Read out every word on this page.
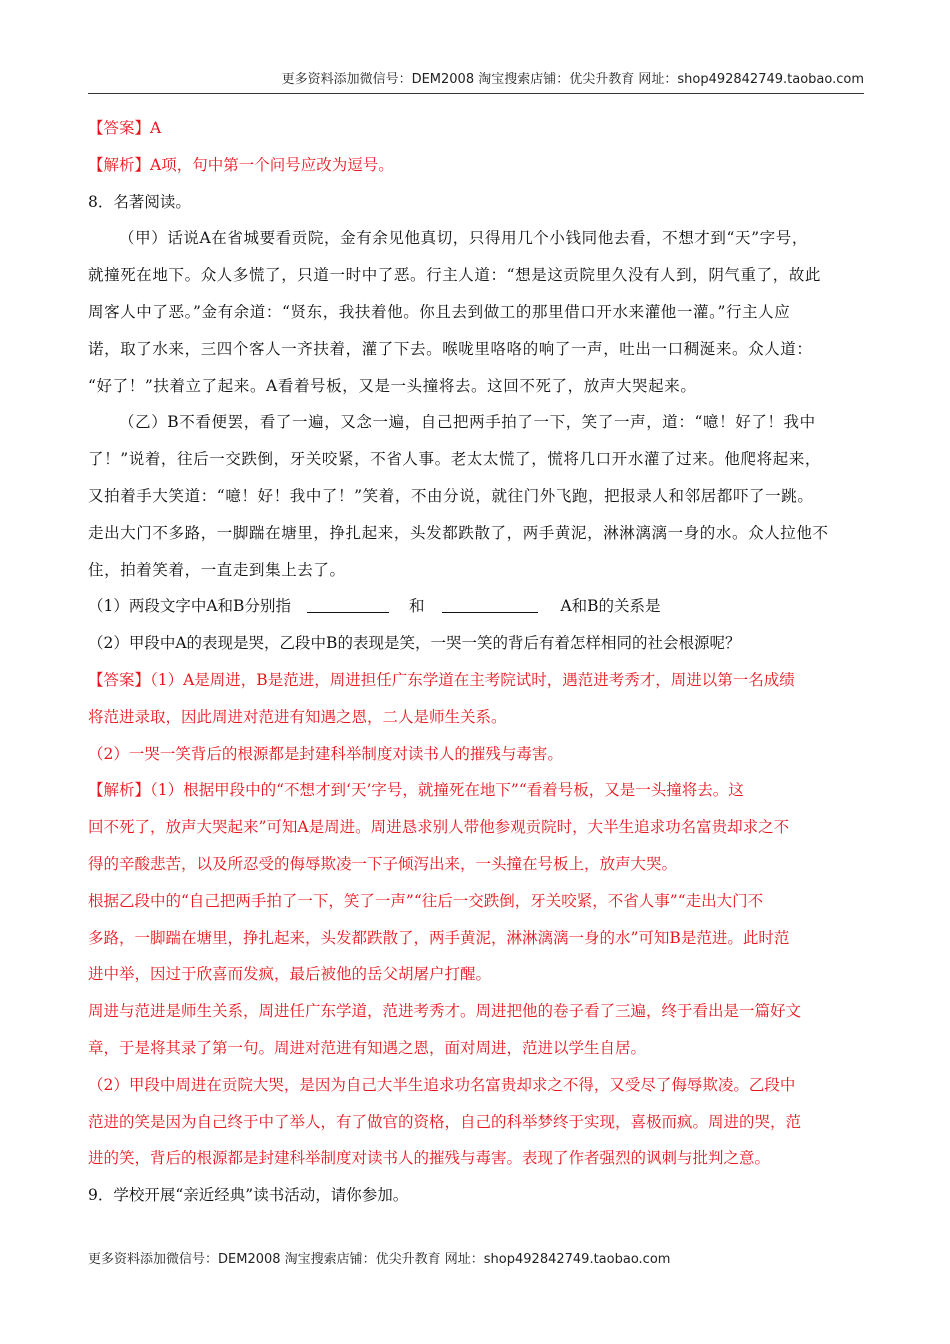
更多资料添加微信号：DEM2008 淘宝搜索店铺：优尖升教育 网址：shop492842749.taobao.com
【答案】A
【解析】A项，句中第一个问号应改为逗号。
8．名著阅读。
（甲）话说A在省城要看贡院，金有余见他真切，只得用几个小钱同他去看，不想才到“天”字号，
就撞死在地下。众人多慌了，只道一时中了恶。行主人道：“想是这贡院里久没有人到，阴气重了，故此
周客人中了恶。”金有余道：“贤东，我扶着他。你且去到做工的那里借口开水来灌他一灌。”行主人应
诺，取了水来，三四个客人一齐扶着，灌了下去。喉咙里咯咯的响了一声，吐出一口稠涎来。众人道：
“好了！”扶着立了起来。A看着号板，又是一头撞将去。这回不死了，放声大哭起来。
（乙）B不看便罢，看了一遍，又念一遍，自己把两手拍了一下，笑了一声，道：“噫！好了！我中
了！”说着，往后一交跌倒，牙关咬紧，不省人事。老太太慌了，慌将几口开水灌了过来。他爬将起来，
又拍着手大笑道：“噫！好！我中了！”笑着，不由分说，就往门外飞跑，把报录人和邻居都吓了一跳。
走出大门不多路，一脚踹在塘里，挣扎起来，头发都跌散了，两手黄泥，淋淋漓漓一身的水。众人拉他不
住，拍着笑着，一直走到集上去了。
（1）两段文字中A和B分别指	和	A和B的关系是
（2）甲段中A的表现是哭，乙段中B的表现是笑，一哭一笑的背后有着怎样相同的社会根源呢？
【答案】（1）A是周进，B是范进，周进担任广东学道在主考院试时，遇范进考秀才，周进以第一名成绩
将范进录取，因此周进对范进有知遇之恩，二人是师生关系。
（2）一哭一笑背后的根源都是封建科举制度对读书人的摧残与毒害。
【解析】（1）根据甲段中的“不想才到‘天’字号，就撞死在地下”“看着号板，又是一头撞将去。这
回不死了，放声大哭起来”可知A是周进。周进恳求别人带他参观贡院时，大半生追求功名富贵却求之不
得的辛酸悲苦，以及所忍受的侮辱欺凌一下子倾泻出来，一头撞在号板上，放声大哭。
根据乙段中的“自己把两手拍了一下，笑了一声”“往后一交跌倒，牙关咬紧，不省人事”“走出大门不
多路，一脚踹在塘里，挣扎起来，头发都跌散了，两手黄泥，淋淋漓漓一身的水”可知B是范进。此时范
进中举，因过于欣喜而发疯，最后被他的岳父胡屠户打醒。
周进与范进是师生关系，周进任广东学道，范进考秀才。周进把他的卷子看了三遍，终于看出是一篇好文
章，于是将其录了第一句。周进对范进有知遇之恩，面对周进，范进以学生自居。
（2）甲段中周进在贡院大哭，是因为自己大半生追求功名富贵却求之不得，又受尽了侮辱欺凌。乙段中
范进的笑是因为自己终于中了举人，有了做官的资格，自己的科举梦终于实现，喜极而疯。周进的哭，范
进的笑，背后的根源都是封建科举制度对读书人的摧残与毒害。表现了作者强烈的讽刺与批判之意。
9．学校开展“亲近经典”读书活动，请你参加。
更多资料添加微信号：DEM2008 淘宝搜索店铺：优尖升教育 网址：shop492842749.taobao.com
